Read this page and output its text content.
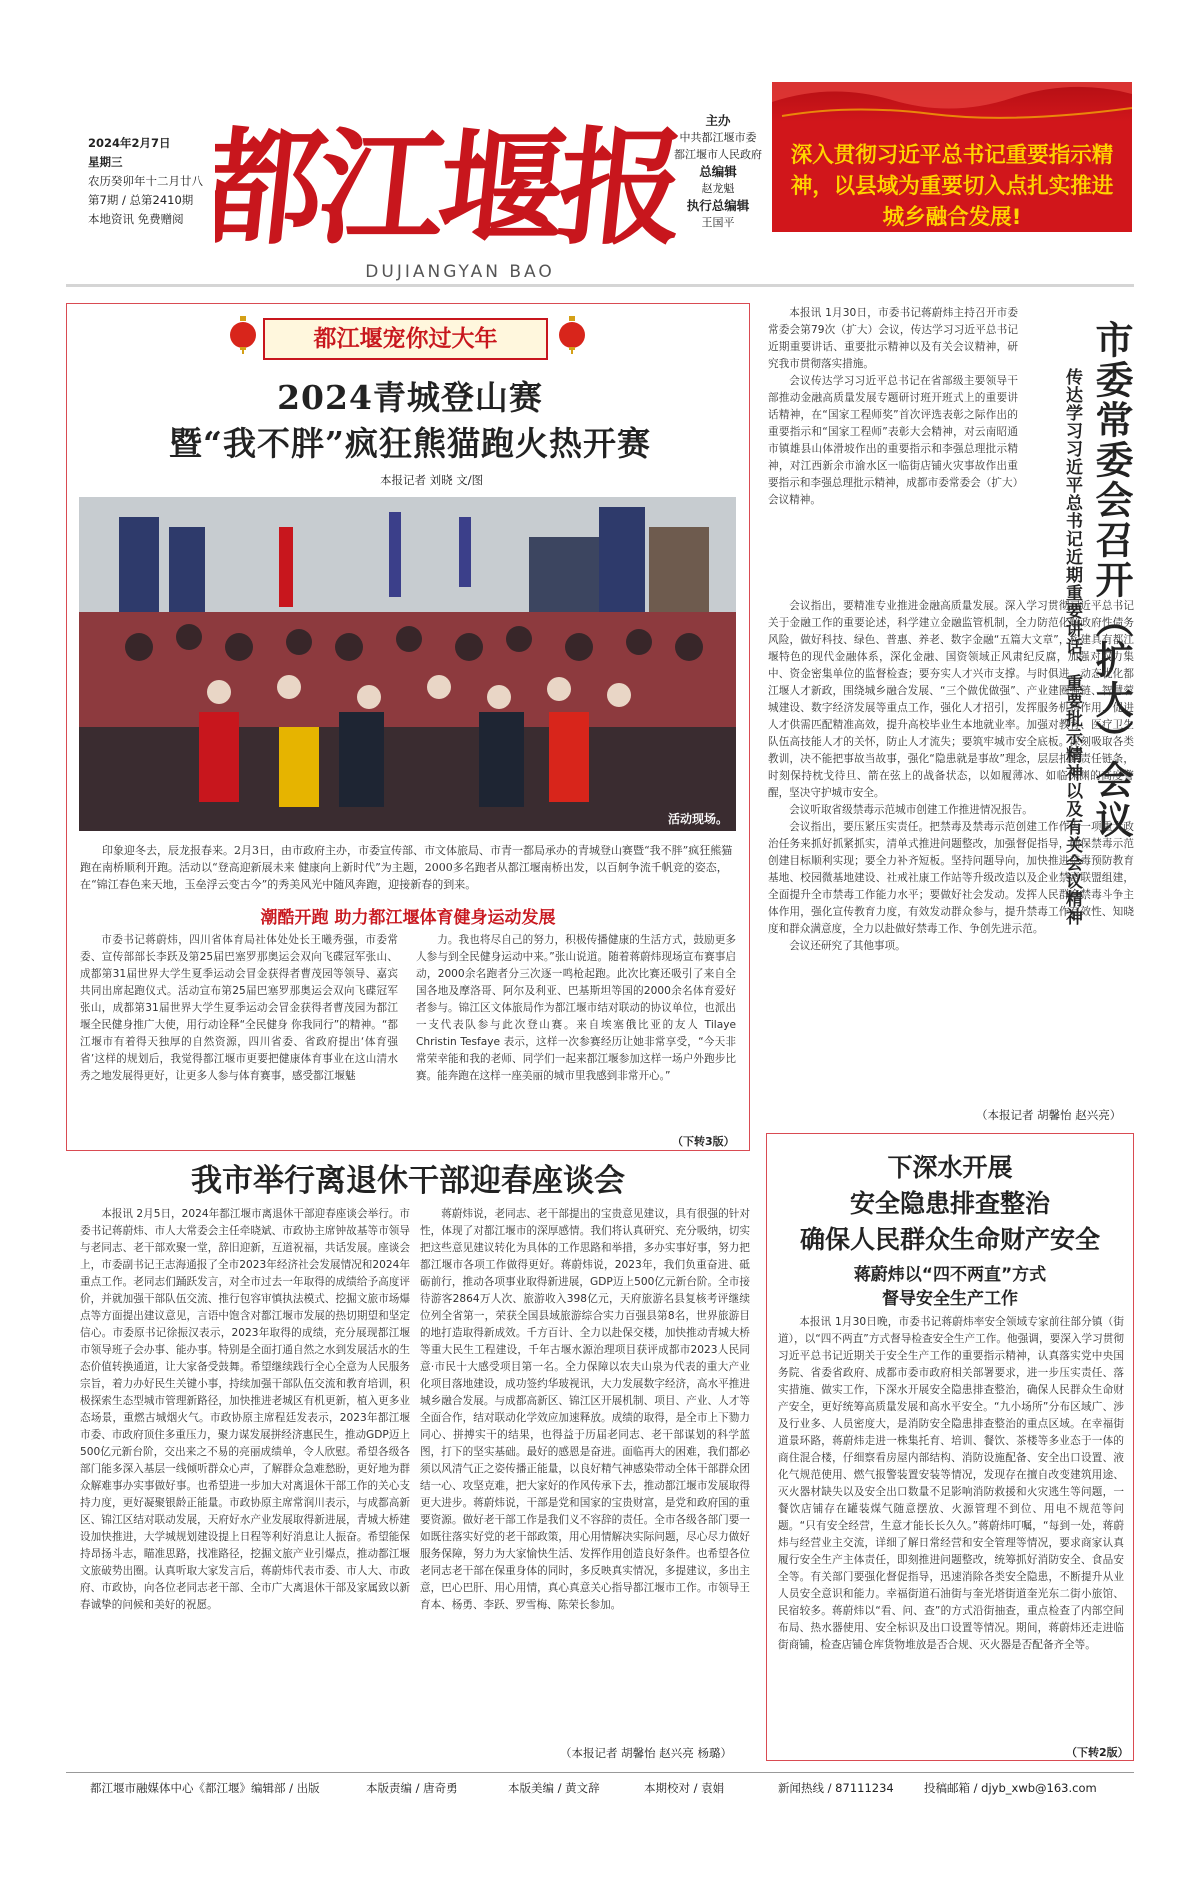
2024年2月7日
星期三
农历癸卯年十二月廿八
第7期 / 总第2410期
本地资讯 免费赠阅 都江堰报
DUJIANGYAN BAO
主办
中共都江堰市委
都江堰市人民政府
总编辑
赵龙魁
执行总编辑
王国平
深入贯彻习近平总书记重要指示精神，以县域为重要切入点扎实推进城乡融合发展!
都江堰宠你过大年
2024青城登山赛
暨“我不胖”疯狂熊猫跑火热开赛
本报记者 刘晓 文/图
活动现场。
印象迎冬去，辰龙报春来。2月3日，由市政府主办，市委宣传部、市文体旅局、市青一都局承办的青城登山赛暨“我不胖”疯狂熊猫跑在南桥顺利开跑。活动以“登高迎新展未来 健康向上新时代”为主题，2000多名跑者从都江堰南桥出发，以百舸争流千帆竞的姿态，在“锦江春色来天地，玉垒浮云变古今”的秀美风光中随风奔跑，迎接新春的到来。
潮酷开跑 助力都江堰体育健身运动发展

市委书记蒋蔚炜，四川省体育局社体处处长王曦秀强，市委常委、宣传部部长李跃及第25届巴塞罗那奥运会双向飞碟冠军张山、成都第31届世界大学生夏季运动会冒金获得者曹茂园等领导、嘉宾共同出席起跑仪式。活动宣布第25届巴塞罗那奥运会双向飞碟冠军张山，成都第31届世界大学生夏季运动会冒金获得者曹茂园为都江堰全民健身推广大使，用行动诠释“全民健身 你我同行”的精神。“都江堰市有着得天独厚的自然资源，四川省委、省政府提出‘体育强省’这样的规划后，我觉得都江堰市更要把健康体育事业在这山清水秀之地发展得更好，让更多人参与体育赛事，感受都江堰魅

力。我也将尽自己的努力，积极传播健康的生活方式，鼓励更多人参与到全民健身运动中来。”张山说道。随着蒋蔚炜现场宣布赛事启动，2000余名跑者分三次逐一鸣枪起跑。此次比赛还吸引了来自全国各地及摩洛哥、阿尔及利亚、巴基斯坦等国的2000余名体育爱好者参与。锦江区文体旅局作为都江堰市结对联动的协议单位，也派出一支代表队参与此次登山赛。来自埃塞俄比亚的友人 Tilaye Christin Tesfaye 表示，这样一次参赛经历让她非常享受，“今天非常荣幸能和我的老师、同学们一起来都江堰参加这样一场户外跑步比赛。能奔跑在这样一座美丽的城市里我感到非常开心。”

（下转3版）
市委常委会召开（扩大）会议
传达学习习近平总书记近期重要讲话、重要批示精神以及有关会议精神

本报讯 1月30日，市委书记蒋蔚炜主持召开市委常委会第79次（扩大）会议，传达学习习近平总书记近期重要讲话、重要批示精神以及有关会议精神，研究我市贯彻落实措施。

会议传达学习习近平总书记在省部级主要领导干部推动金融高质量发展专题研讨班开班式上的重要讲话精神，在“国家工程师奖”首次评选表彰之际作出的重要指示和“国家工程师”表彰大会精神，对云南昭通市镇雄县山体滑坡作出的重要指示和李强总理批示精神，对江西新余市渝水区一临街店铺火灾事故作出重要指示和李强总理批示精神，成都市委常委会（扩大）会议精神。

会议指出，要精准专业推进金融高质量发展。深入学习贯彻习近平总书记关于金融工作的重要论述，科学建立金融监管机制，全力防范化解政府性债务风险，做好科技、绿色、普惠、养老、数字金融“五篇大文章”，构建具有都江堰特色的现代金融体系，深化金融、国资领域正风肃纪反腐，加强对权力集中、资金密集单位的监督检查；要夯实人才兴市支撑。与时俱进、动态优化都江堰人才新政，围绕城乡融合发展、“三个做优做强”、产业建圈强链、智慧蓉城建设、数字经济发展等重点工作，强化人才招引，发挥服务机构作用，促进人才供需匹配精准高效，提升高校毕业生本地就业率。加强对教育、医疗卫生队伍高技能人才的关怀，防止人才流失；要筑牢城市安全底板。深刻吸取各类教训，决不能把事故当故事，强化“隐患就是事故”理念，层层扣紧责任链条，时刻保持枕戈待旦、箭在弦上的战备状态，以如履薄冰、如临深渊的高度警醒，坚决守护城市安全。

会议听取省级禁毒示范城市创建工作推进情况报告。

会议指出，要压紧压实责任。把禁毒及禁毒示范创建工作作为一项重大政治任务来抓好抓紧抓实，清单式推进问题整改，加强督促指导，确保禁毒示范创建目标顺利实现；要全力补齐短板。坚持问题导向，加快推进禁毒预防教育基地、校园微基地建设、社戒社康工作站等升级改造以及企业禁毒联盟组建，全面提升全市禁毒工作能力水平；要做好社会发动。发挥人民群众禁毒斗争主体作用，强化宣传教育力度，有效发动群众参与，提升禁毒工作有效性、知晓度和群众满意度，全力以赴做好禁毒工作、争创先进示范。

会议还研究了其他事项。

（本报记者 胡馨怡 赵兴亮）
我市举行离退休干部迎春座谈会

本报讯 2月5日，2024年都江堰市离退休干部迎春座谈会举行。市委书记蒋蔚炜、市人大常委会主任牵晓斌、市政协主席钟故基等市领导与老同志、老干部欢聚一堂，辞旧迎新，互道祝福，共话发展。座谈会上，市委副书记王志海通报了全市2023年经济社会发展情况和2024年重点工作。老同志们踊跃发言，对全市过去一年取得的成绩给予高度评价，并就加强干部队伍交流、推行包容审慎执法模式、挖掘文旅市场爆点等方面提出建议意见，言语中饱含对都江堰市发展的热切期望和坚定信心。市委原书记徐振汉表示，2023年取得的成绩，充分展现都江堰市领导班子会办事、能办事。特别是全面打通自然之水到发展活水的生态价值转换通道，让大家备受鼓舞。希望继续践行全心全意为人民服务宗旨，着力办好民生关键小事，持续加强干部队伍交流和教育培训，积极探索生态型城市管理新路径，加快推进老城区有机更新，植入更多业态场景，重燃古城烟火气。市政协原主席程廷发表示，2023年都江堰市委、市政府顶住多重压力，聚力谋发展拼经济惠民生，推动GDP迈上500亿元新台阶，交出来之不易的亮丽成绩单，令人欣慰。希望各级各部门能多深入基层一线倾听群众心声，了解群众急难愁盼，更好地为群众解难事办实事做好事。也希望进一步加大对离退休干部工作的关心支持力度，更好凝聚银龄正能量。市政协原主席常润川表示，与成都高新区、锦江区结对联动发展，天府好水产业发展取得新进展，青城大桥建设加快推进，大学城规划建设提上日程等利好消息让人振奋。希望能保持昂扬斗志，瞄准思路，找准路径，挖掘文旅产业引爆点，推动都江堰文旅破势出圈。认真听取大家发言后，蒋蔚炜代表市委、市人大、市政府、市政协，向各位老同志老干部、全市广大离退休干部及家属致以新春诚挚的问候和美好的祝愿。

蒋蔚炜说，老同志、老干部提出的宝贵意见建议，具有很强的针对性，体现了对都江堰市的深厚感情。我们将认真研究、充分吸纳，切实把这些意见建议转化为具体的工作思路和举措，多办实事好事，努力把都江堰市各项工作做得更好。蒋蔚炜说，2023年，我们负重奋进、砥砺前行，推动各项事业取得新进展，GDP迈上500亿元新台阶。全市接待游客2864万人次、旅游收入398亿元，天府旅游名县复核考评继续位列全省第一，荣获全国县域旅游综合实力百强县第8名，世界旅游目的地打造取得新成效。千方百计、全力以赴保交楼，加快推动青城大桥等重大民生工程建设，千年古堰水源治理项目获评成都市2023人民同意·市民十大感受项目第一名。全力保障以农夫山泉为代表的重大产业化项目落地建设，成功签约华玻视讯，大力发展数字经济，高水平推进城乡融合发展。与成都高新区、锦江区开展机制、项目、产业、人才等全面合作，结对联动化学效应加速释放。成绩的取得，是全市上下勠力同心、拼搏实干的结果，也得益于历届老同志、老干部谋划的科学蓝图，打下的坚实基础。最好的感恩是奋进。面临再大的困难，我们都必须以风清气正之姿传播正能量，以良好精气神感染带动全体干部群众团结一心、攻坚克难，把大家好的作风传承下去，推动都江堰市发展取得更大进步。蒋蔚炜说，干部是党和国家的宝贵财富，是党和政府国的重要资源。做好老干部工作是我们义不容辞的责任。全市各级各部门要一如既往落实好党的老干部政策，用心用情解决实际问题，尽心尽力做好服务保障，努力为大家愉快生活、发挥作用创造良好条件。也希望各位老同志老干部在保重身体的同时，多反映真实情况，多提建议，多出主意，巴心巴肝、用心用情，真心真意关心指导都江堰市工作。市领导王育本、杨勇、李跃、罗雪梅、陈荣长参加。

（本报记者 胡馨怡 赵兴亮 杨璐）
下深水开展
安全隐患排查整治
确保人民群众生命财产安全
蒋蔚炜以“四不两直”方式
督导安全生产工作

本报讯 1月30日晚，市委书记蒋蔚炜率安全领域专家前往部分镇（街道），以“四不两直”方式督导检查安全生产工作。他强调，要深入学习贯彻习近平总书记近期关于安全生产工作的重要指示精神，认真落实党中央国务院、省委省政府、成都市委市政府相关部署要求，进一步压实责任、落实措施、做实工作，下深水开展安全隐患排查整治，确保人民群众生命财产安全，更好统筹高质量发展和高水平安全。“九小场所”分布区域广、涉及行业多、人员密度大，是消防安全隐患排查整治的重点区域。在幸福街道景环路，蒋蔚炜走进一株集托育、培训、餐饮、茶楼等多业态于一体的商住混合楼，仔细察看房屋内部结构、消防设施配备、安全出口设置、液化气规范使用、燃气报警装置安装等情况，发现存在擅自改变建筑用途、灭火器材缺失以及安全出口数量不足影响消防救援和火灾逃生等问题，一餐饮店铺存在罐装煤气随意摆放、火源管理不到位、用电不规范等问题。“只有安全经营，生意才能长长久久。”蒋蔚炜叮嘱，“每到一处，蒋蔚炜与经营业主交流，详细了解日常经营和安全管理等情况，要求商家认真履行安全生产主体责任，即刻推进问题整改，统筹抓好消防安全、食品安全等。有关部门要强化督促指导，迅速消除各类安全隐患，不断提升从业人员安全意识和能力。幸福街道石油街与奎光塔街道奎光东二街小旅馆、民宿较多。蒋蔚炜以“看、问、查”的方式沿街抽查，重点检查了内部空间布局、热水器使用、安全标识及出口设置等情况。期间，蒋蔚炜还走进临街商铺，检查店铺仓库货物堆放是否合规、灭火器是否配备齐全等。

（下转2版）
都江堰市融媒体中心《都江堰》编辑部 / 出版	本版责编 / 唐奇勇	本版美编 / 黄文辞	本期校对 / 袁娟	新闻热线 / 87111234	投稿邮箱 / djyb_xwb@163.com
